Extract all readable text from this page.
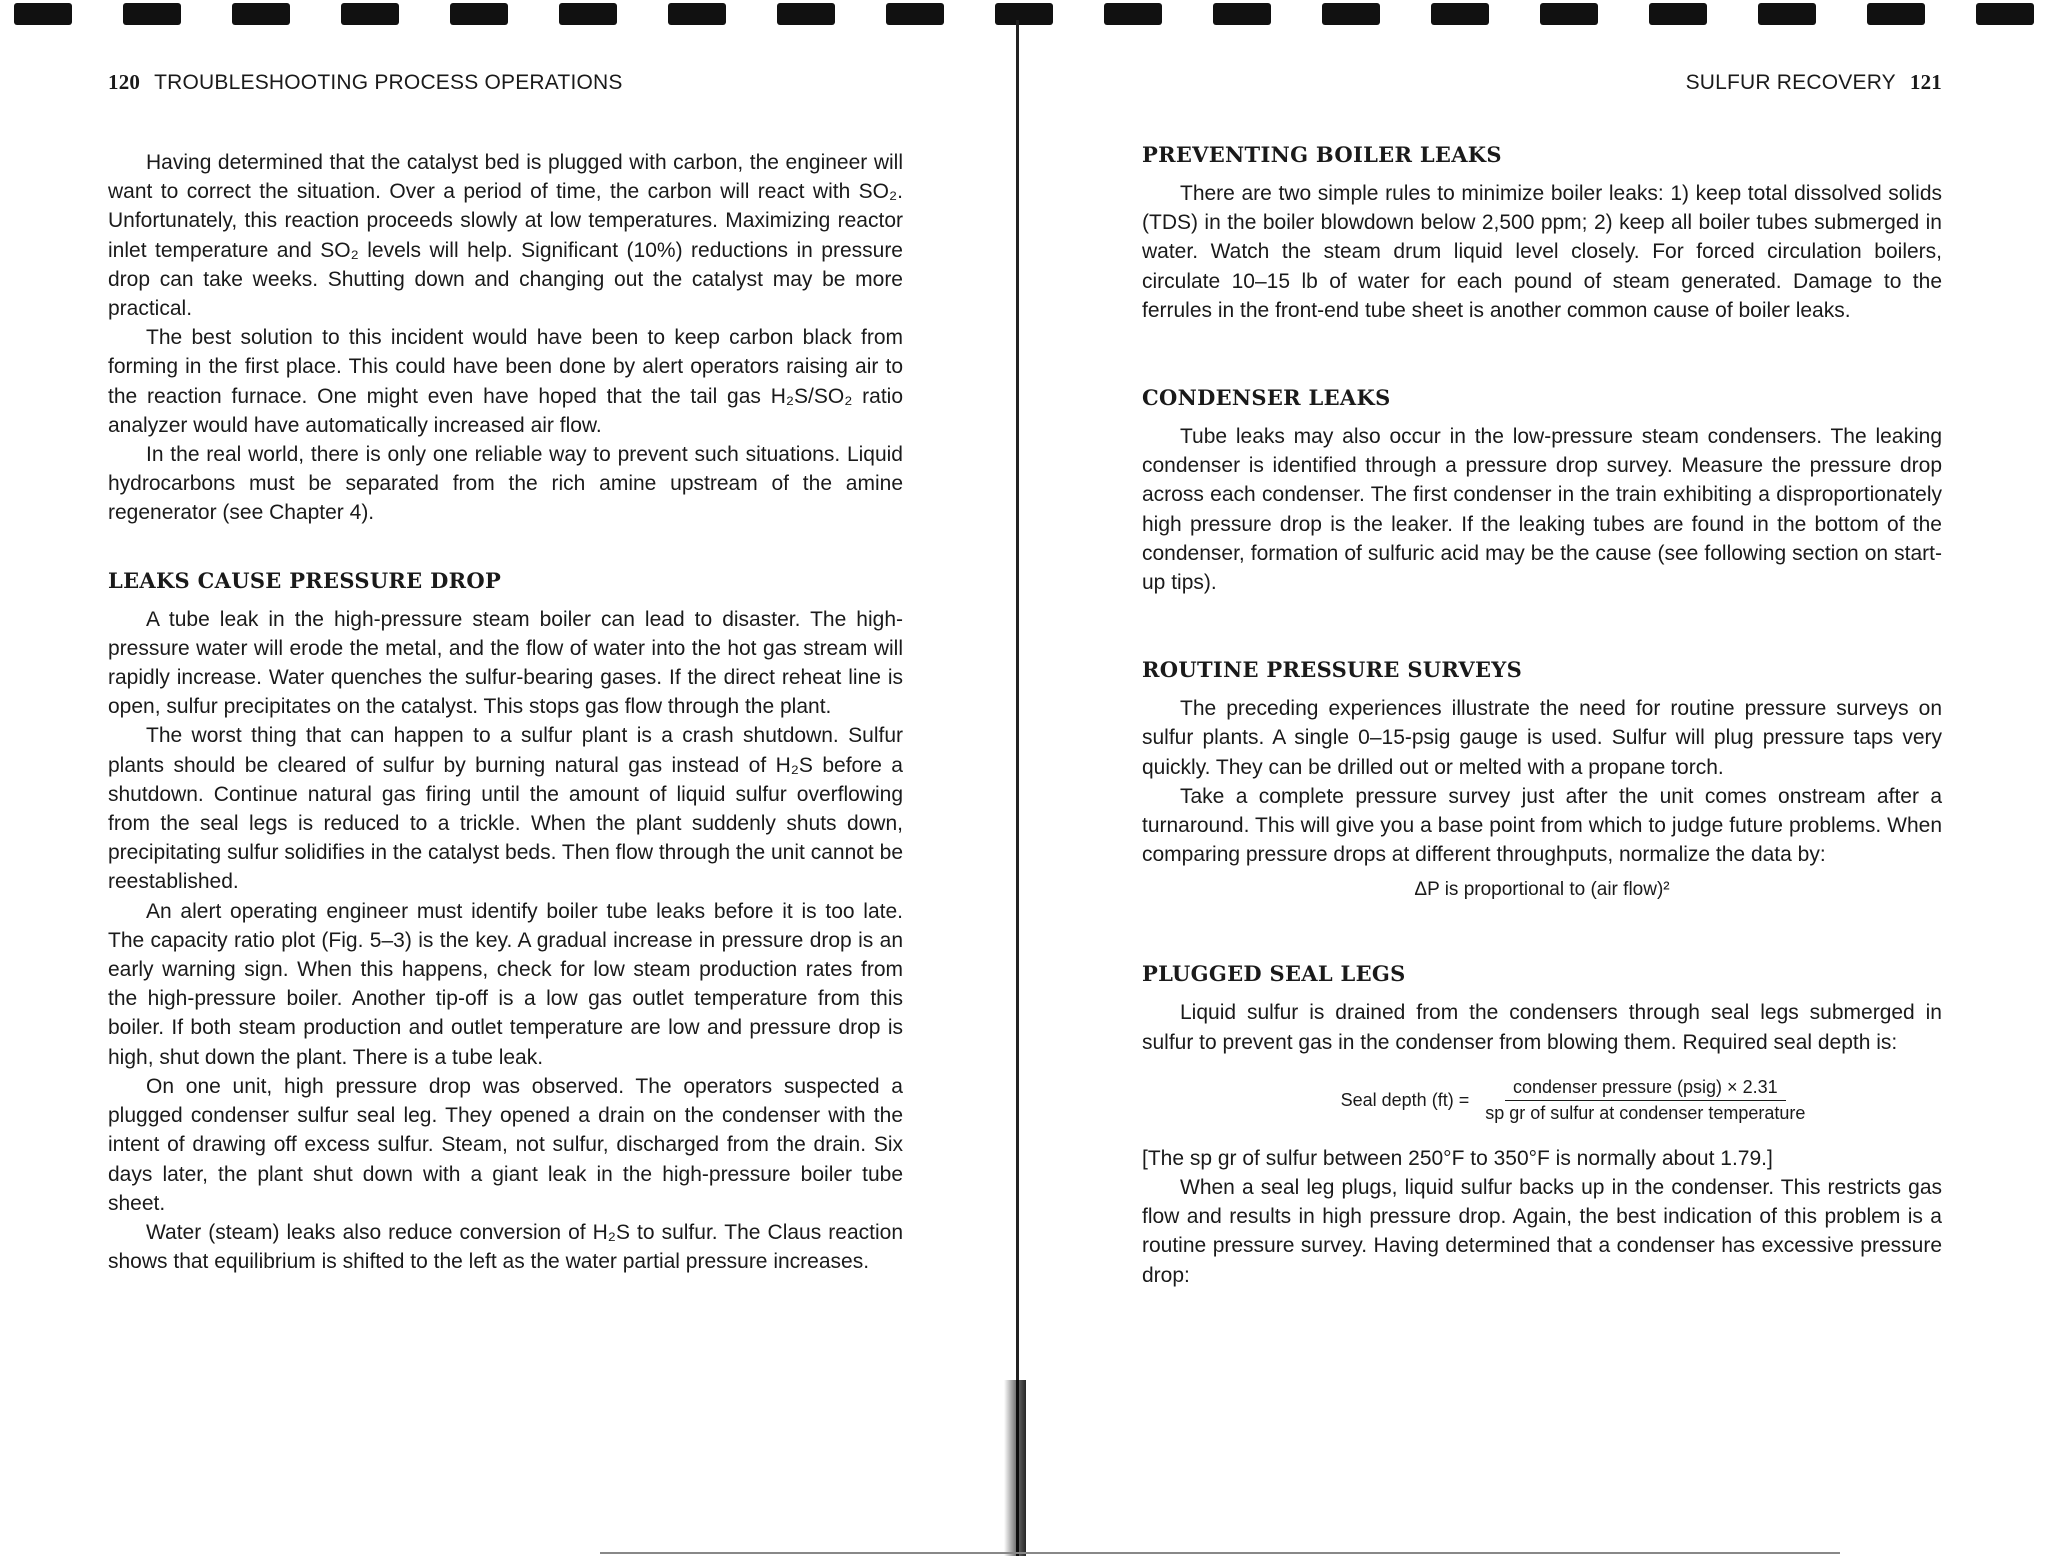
120 TROUBLESHOOTING PROCESS OPERATIONS

Having determined that the catalyst bed is plugged with carbon, the engineer will want to correct the situation. Over a period of time, the carbon will react with SO₂. Unfortunately, this reaction proceeds slowly at low temperatures. Maximizing reactor inlet temperature and SO₂ levels will help. Significant (10%) reductions in pressure drop can take weeks. Shutting down and changing out the catalyst may be more practical.

The best solution to this incident would have been to keep carbon black from forming in the first place. This could have been done by alert operators raising air to the reaction furnace. One might even have hoped that the tail gas H₂S/SO₂ ratio analyzer would have automatically increased air flow.

In the real world, there is only one reliable way to prevent such situations. Liquid hydrocarbons must be separated from the rich amine upstream of the amine regenerator (see Chapter 4).

LEAKS CAUSE PRESSURE DROP

A tube leak in the high-pressure steam boiler can lead to disaster. The high-pressure water will erode the metal, and the flow of water into the hot gas stream will rapidly increase. Water quenches the sulfur-bearing gases. If the direct reheat line is open, sulfur precipitates on the catalyst. This stops gas flow through the plant.

The worst thing that can happen to a sulfur plant is a crash shutdown. Sulfur plants should be cleared of sulfur by burning natural gas instead of H₂S before a shutdown. Continue natural gas firing until the amount of liquid sulfur overflowing from the seal legs is reduced to a trickle. When the plant suddenly shuts down, precipitating sulfur solidifies in the catalyst beds. Then flow through the unit cannot be reestablished.

An alert operating engineer must identify boiler tube leaks before it is too late. The capacity ratio plot (Fig. 5–3) is the key. A gradual increase in pressure drop is an early warning sign. When this happens, check for low steam production rates from the high-pressure boiler. Another tip-off is a low gas outlet temperature from this boiler. If both steam production and outlet temperature are low and pressure drop is high, shut down the plant. There is a tube leak.

On one unit, high pressure drop was observed. The operators suspected a plugged condenser sulfur seal leg. They opened a drain on the condenser with the intent of drawing off excess sulfur. Steam, not sulfur, discharged from the drain. Six days later, the plant shut down with a giant leak in the high-pressure boiler tube sheet.

Water (steam) leaks also reduce conversion of H₂S to sulfur. The Claus reaction shows that equilibrium is shifted to the left as the water partial pressure increases.

SULFUR RECOVERY 121
PREVENTING BOILER LEAKS

There are two simple rules to minimize boiler leaks: 1) keep total dissolved solids (TDS) in the boiler blowdown below 2,500 ppm; 2) keep all boiler tubes submerged in water. Watch the steam drum liquid level closely. For forced circulation boilers, circulate 10–15 lb of water for each pound of steam generated. Damage to the ferrules in the front-end tube sheet is another common cause of boiler leaks.

CONDENSER LEAKS

Tube leaks may also occur in the low-pressure steam condensers. The leaking condenser is identified through a pressure drop survey. Measure the pressure drop across each condenser. The first condenser in the train exhibiting a disproportionately high pressure drop is the leaker. If the leaking tubes are found in the bottom of the condenser, formation of sulfuric acid may be the cause (see following section on start-up tips).

ROUTINE PRESSURE SURVEYS

The preceding experiences illustrate the need for routine pressure surveys on sulfur plants. A single 0–15-psig gauge is used. Sulfur will plug pressure taps very quickly. They can be drilled out or melted with a propane torch.

Take a complete pressure survey just after the unit comes onstream after a turnaround. This will give you a base point from which to judge future problems. When comparing pressure drops at different throughputs, normalize the data by:

ΔP is proportional to (air flow)²
PLUGGED SEAL LEGS

Liquid sulfur is drained from the condensers through seal legs submerged in sulfur to prevent gas in the condenser from blowing them. Required seal depth is:

Seal depth $(ft) = \frac{\text{condenser pressure (psig) × 2.31}}{\text{sp gr of sulfur at condenser temperature}}$

[The sp gr of sulfur between 250°F to 350°F is normally about 1.79.]

When a seal leg plugs, liquid sulfur backs up in the condenser. This restricts gas flow and results in high pressure drop. Again, the best indication of this problem is a routine pressure survey. Having determined that a condenser has excessive pressure drop:
